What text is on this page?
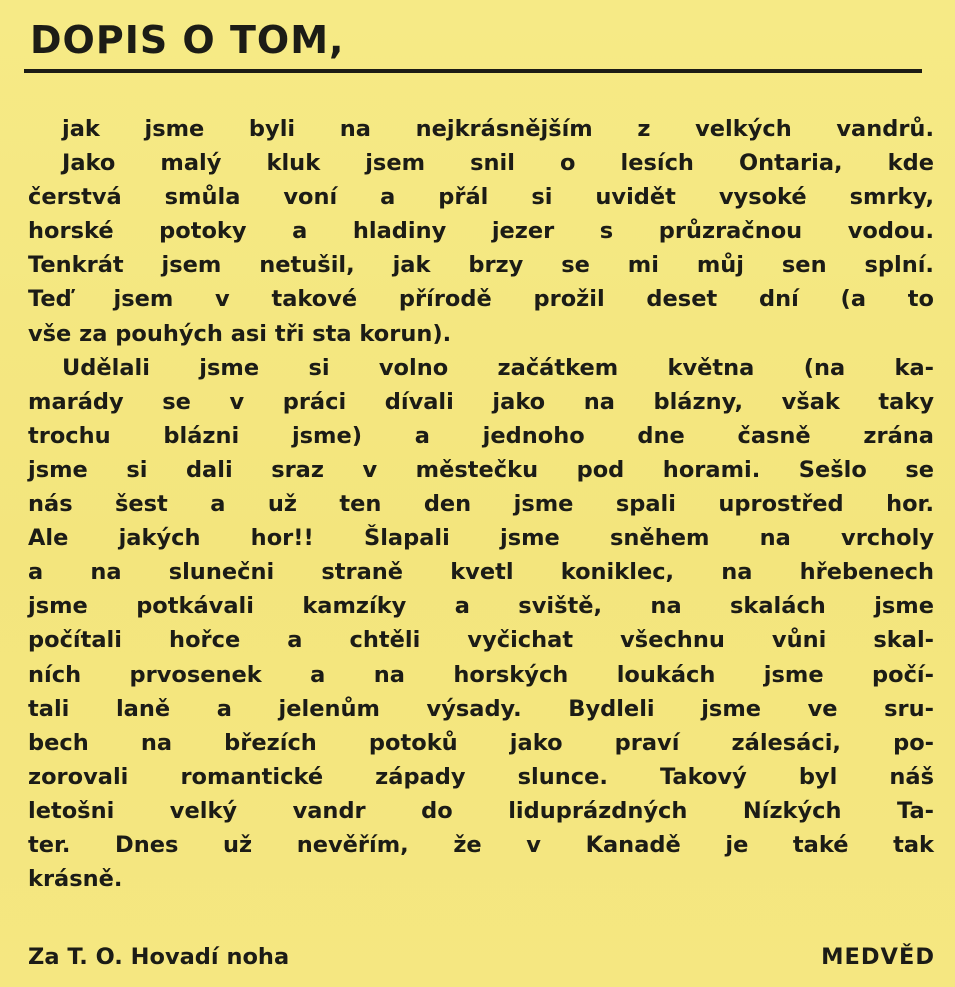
DOPIS O TOM,
jak jsme byli na nejkrásnějším z velkých vandrů.
Jako malý kluk jsem snil o lesích Ontaria, kde
čerstvá smůla voní a přál si uvidět vysoké smrky,
horské potoky a hladiny jezer s průzračnou vodou.
Tenkrát jsem netušil, jak brzy se mi můj sen splní.
Teď jsem v takové přírodě prožil deset dní (a to
vše za pouhých asi tři sta korun).
Udělali jsme si volno začátkem května (na ka-
marády se v práci dívali jako na blázny, však taky
trochu blázni jsme) a jednoho dne časně zrána
jsme si dali sraz v městečku pod horami. Sešlo se
nás šest a už ten den jsme spali uprostřed hor.
Ale jakých hor!! Šlapali jsme sněhem na vrcholy
a na slunečni straně kvetl koniklec, na hřebenech
jsme potkávali kamzíky a sviště, na skalách jsme
počítali hořce a chtěli vyčichat všechnu vůni skal-
ních prvosenek a na horských loukách jsme počí-
tali laně a jelenům výsady. Bydleli jsme ve sru-
bech na březích potoků jako praví zálesáci, po-
zorovali romantické západy slunce. Takový byl náš
letošni velký vandr do liduprázdných Nízkých Ta-
ter. Dnes už nevěřím, že v Kanadě je také tak
krásně.
Za T. O. Hovadí noha	MEDVĚD
